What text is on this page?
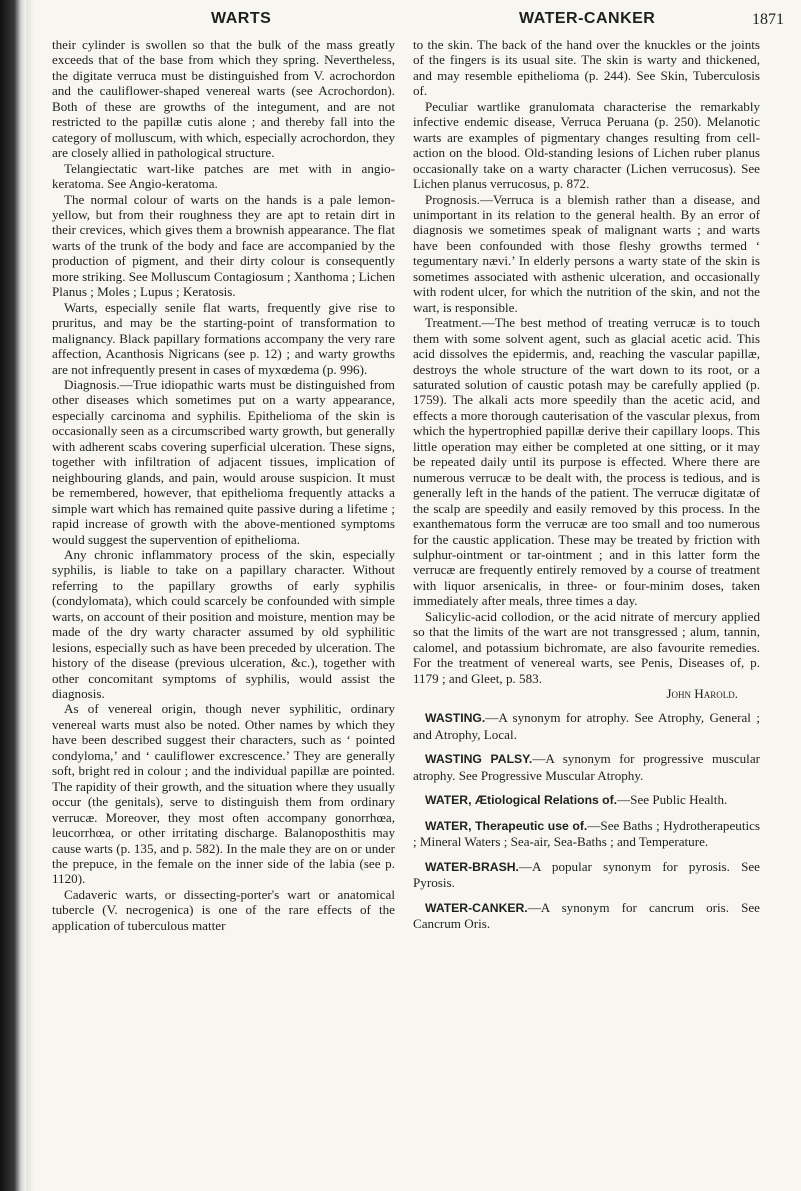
WARTS	WATER-CANKER	1871

their cylinder is swollen so that the bulk of the mass greatly exceeds that of the base from which they spring. Nevertheless, the digitate verruca must be distinguished from V. acrochordon and the cauliflower-shaped venereal warts (see Acrochordon). Both of these are growths of the integument, and are not restricted to the papillæ cutis alone ; and thereby fall into the category of molluscum, with which, especially acrochordon, they are closely allied in pathological structure.

Telangiectatic wart-like patches are met with in angio-keratoma. See Angio-keratoma.

The normal colour of warts on the hands is a pale lemon-yellow, but from their roughness they are apt to retain dirt in their crevices, which gives them a brownish appearance. The flat warts of the trunk of the body and face are accompanied by the production of pigment, and their dirty colour is consequently more striking. See Molluscum Contagiosum ; Xanthoma ; Lichen Planus ; Moles ; Lupus ; Keratosis.

Warts, especially senile flat warts, frequently give rise to pruritus, and may be the starting-point of transformation to malignancy. Black papillary formations accompany the very rare affection, Acanthosis Nigricans (see p. 12) ; and warty growths are not infrequently present in cases of myxœdema (p. 996).

Diagnosis.—True idiopathic warts must be distinguished from other diseases which sometimes put on a warty appearance, especially carcinoma and syphilis. Epithelioma of the skin is occasionally seen as a circumscribed warty growth, but generally with adherent scabs covering superficial ulceration. These signs, together with infiltration of adjacent tissues, implication of neighbouring glands, and pain, would arouse suspicion. It must be remembered, however, that epithelioma frequently attacks a simple wart which has remained quite passive during a lifetime ; rapid increase of growth with the above-mentioned symptoms would suggest the supervention of epithelioma.

Any chronic inflammatory process of the skin, especially syphilis, is liable to take on a papillary character. Without referring to the papillary growths of early syphilis (condylomata), which could scarcely be confounded with simple warts, on account of their position and moisture, mention may be made of the dry warty character assumed by old syphilitic lesions, especially such as have been preceded by ulceration. The history of the disease (previous ulceration, &c.), together with other concomitant symptoms of syphilis, would assist the diagnosis.

As of venereal origin, though never syphilitic, ordinary venereal warts must also be noted. Other names by which they have been described suggest their characters, such as ‘ pointed condyloma,’ and ‘ cauliflower excrescence.’ They are generally soft, bright red in colour ; and the individual papillæ are pointed. The rapidity of their growth, and the situation where they usually occur (the genitals), serve to distinguish them from ordinary verrucæ. Moreover, they most often accompany gonorrhœa, leucorrhœa, or other irritating discharge. Balanoposthitis may cause warts (p. 135, and p. 582). In the male they are on or under the prepuce, in the female on the inner side of the labia (see p. 1120).

Cadaveric warts, or dissecting-porter's wart or anatomical tubercle (V. necrogenica) is one of the rare effects of the application of tuberculous matter

to the skin. The back of the hand over the knuckles or the joints of the fingers is its usual site. The skin is warty and thickened, and may resemble epithelioma (p. 244). See Skin, Tuberculosis of.

Peculiar wartlike granulomata characterise the remarkably infective endemic disease, Verruca Peruana (p. 250). Melanotic warts are examples of pigmentary changes resulting from cell-action on the blood. Old-standing lesions of Lichen ruber planus occasionally take on a warty character (Lichen verrucosus). See Lichen planus verrucosus, p. 872.

Prognosis.—Verruca is a blemish rather than a disease, and unimportant in its relation to the general health. By an error of diagnosis we sometimes speak of malignant warts ; and warts have been confounded with those fleshy growths termed ‘ tegumentary nævi.’ In elderly persons a warty state of the skin is sometimes associated with asthenic ulceration, and occasionally with rodent ulcer, for which the nutrition of the skin, and not the wart, is responsible.

Treatment.—The best method of treating verrucæ is to touch them with some solvent agent, such as glacial acetic acid. This acid dissolves the epidermis, and, reaching the vascular papillæ, destroys the whole structure of the wart down to its root, or a saturated solution of caustic potash may be carefully applied (p. 1759). The alkali acts more speedily than the acetic acid, and effects a more thorough cauterisation of the vascular plexus, from which the hypertrophied papillæ derive their capillary loops. This little operation may either be completed at one sitting, or it may be repeated daily until its purpose is effected. Where there are numerous verrucæ to be dealt with, the process is tedious, and is generally left in the hands of the patient. The verrucæ digitatæ of the scalp are speedily and easily removed by this process. In the exanthematous form the verrucæ are too small and too numerous for the caustic application. These may be treated by friction with sulphur-ointment or tar-ointment ; and in this latter form the verrucæ are frequently entirely removed by a course of treatment with liquor arsenicalis, in three- or four-minim doses, taken immediately after meals, three times a day.

Salicylic-acid collodion, or the acid nitrate of mercury applied so that the limits of the wart are not transgressed ; alum, tannin, calomel, and potassium bichromate, are also favourite remedies. For the treatment of venereal warts, see Penis, Diseases of, p. 1179 ; and Gleet, p. 583.

John Harold.

WASTING.—A synonym for atrophy. See Atrophy, General ; and Atrophy, Local.

WASTING PALSY.—A synonym for progressive muscular atrophy. See Progressive Muscular Atrophy.

WATER, Ætiological Relations of.—See Public Health.

WATER, Therapeutic use of.—See Baths ; Hydrotherapeutics ; Mineral Waters ; Sea-air, Sea-Baths ; and Temperature.

WATER-BRASH.—A popular synonym for pyrosis. See Pyrosis.

WATER-CANKER.—A synonym for cancrum oris. See Cancrum Oris.
